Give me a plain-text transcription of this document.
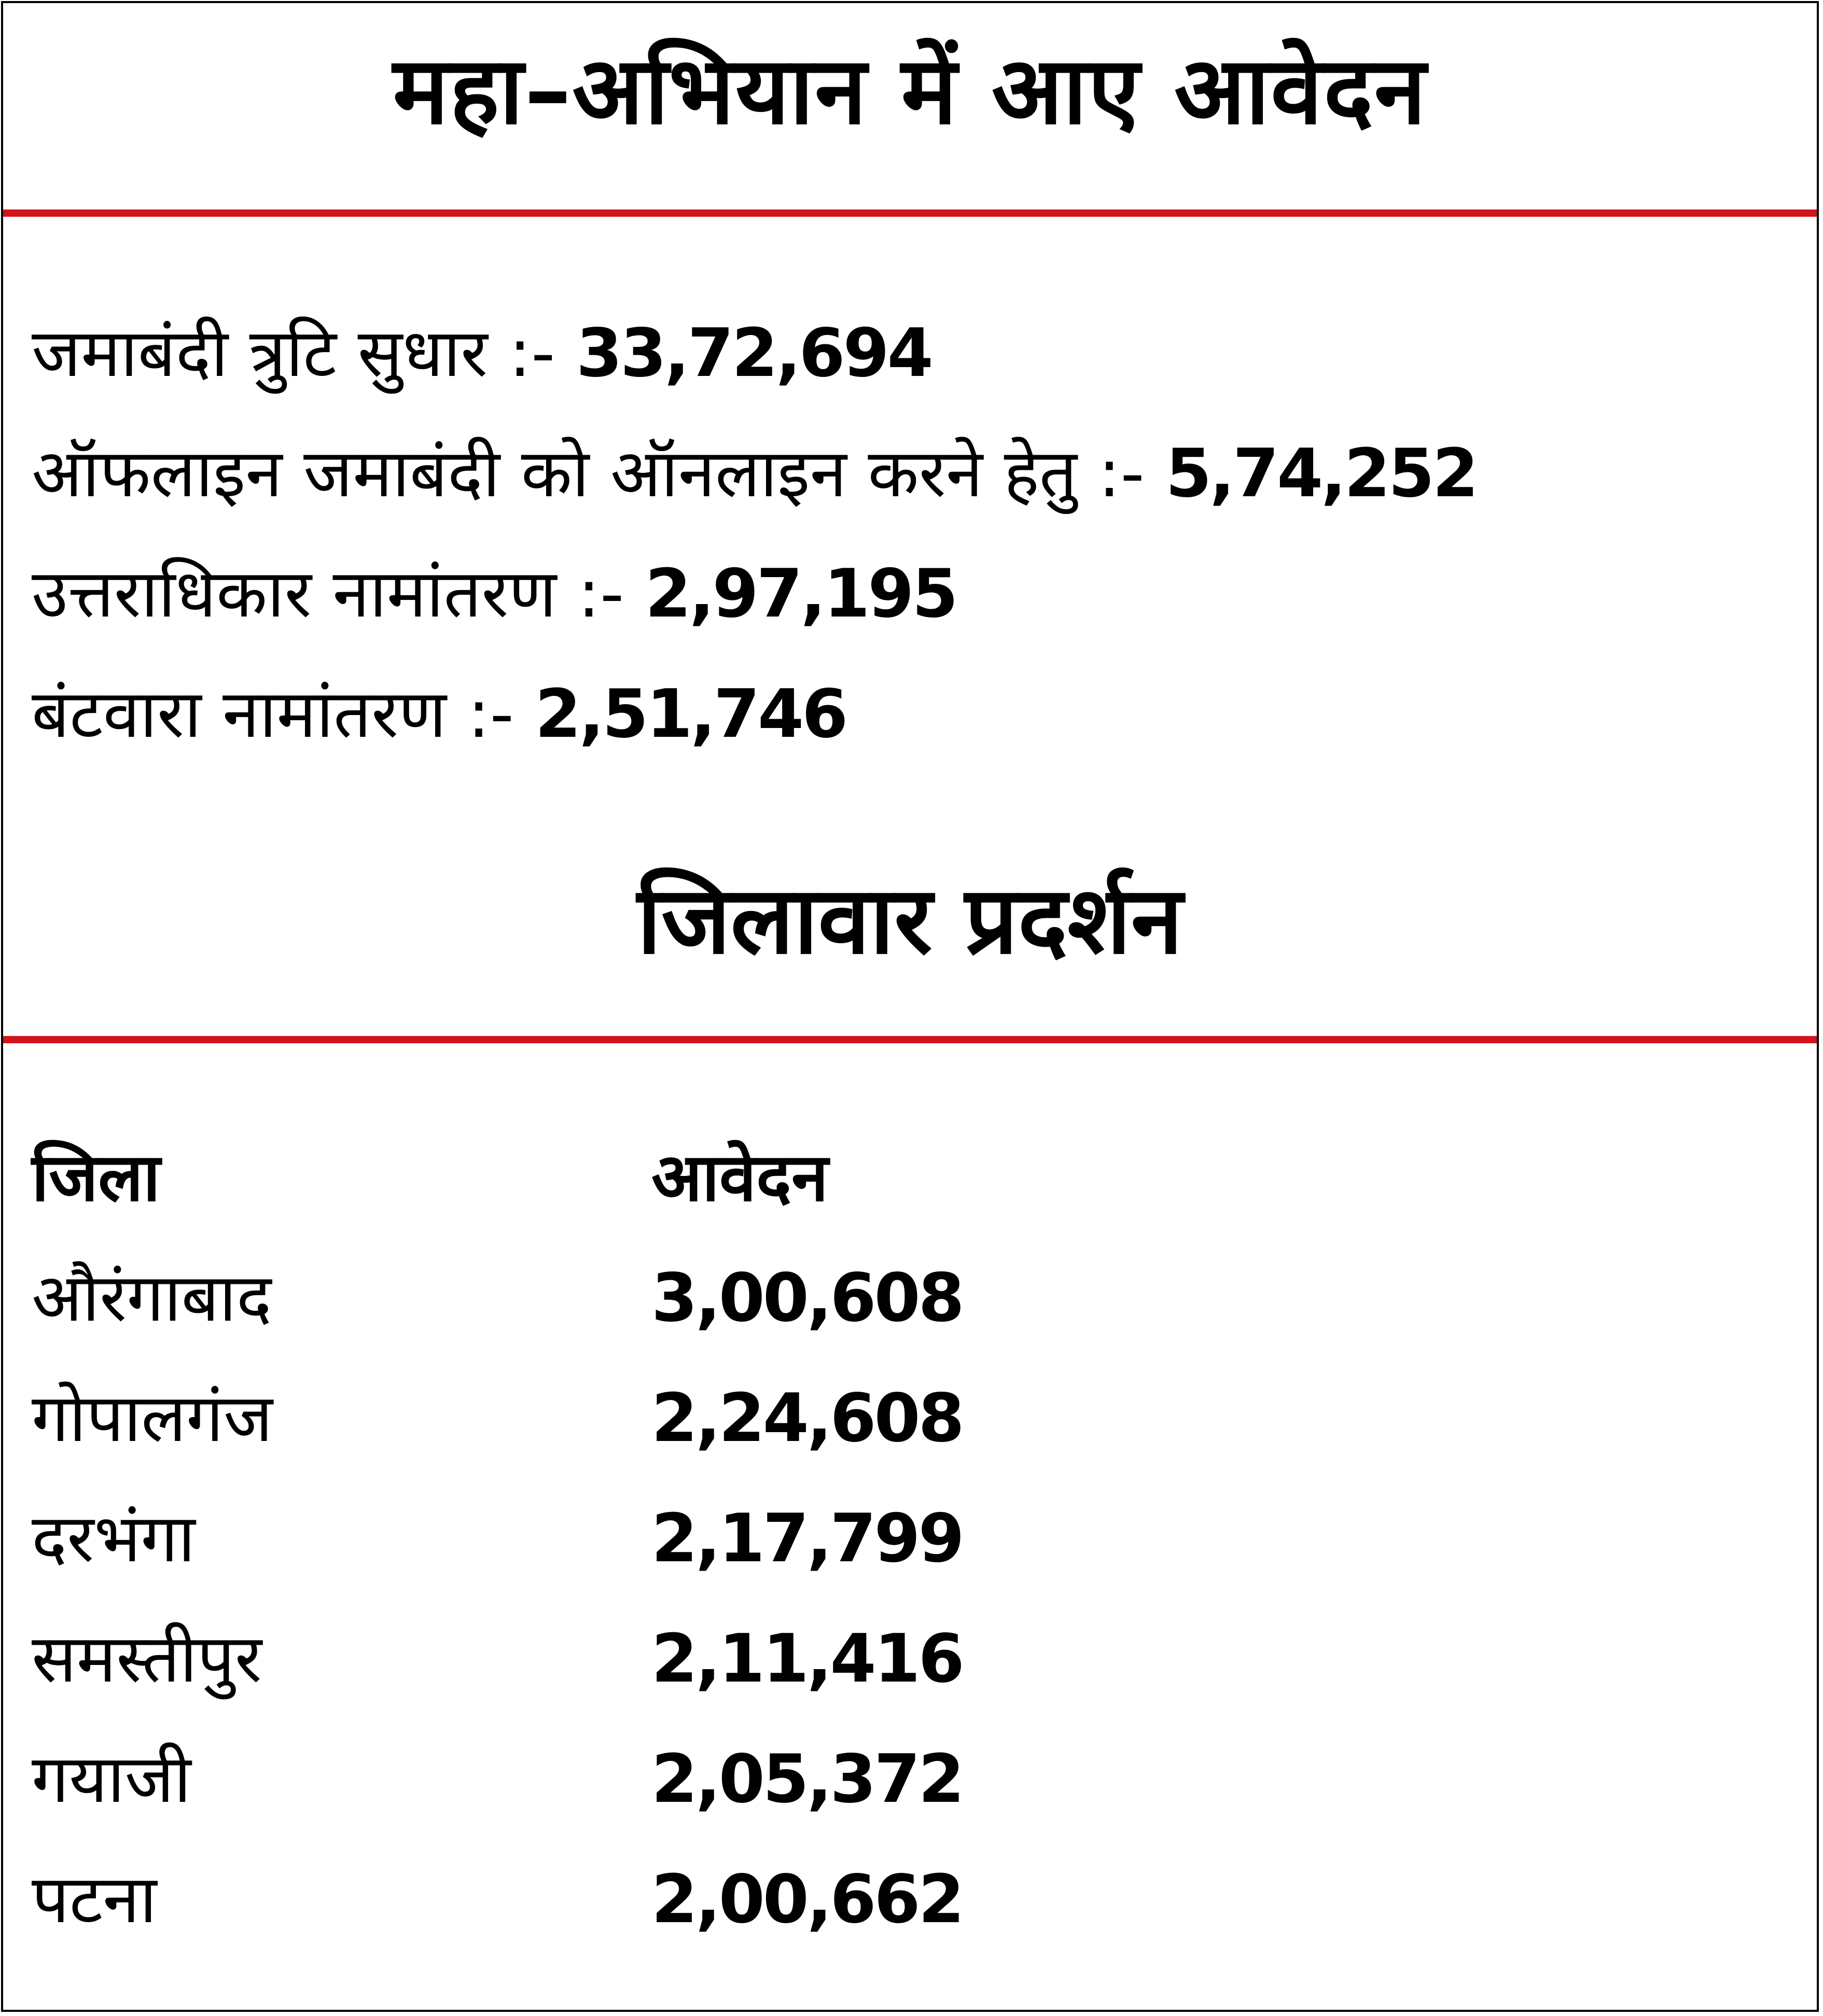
महा–अभियान में आए आवेदन
जमाबंदी त्रुटि सुधार :- 33,72,694
ऑफलाइन जमाबंदी को ऑनलाइन करने हेतु :- 5,74,252
उत्तराधिकार नामांतरण :- 2,97,195
बंटवारा नामांतरण :- 2,51,746
जिलावार प्रदर्शन
जिला	आवेदन
औरंगाबाद	3,00,608
गोपालगंज	2,24,608
दरभंगा	2,17,799
समस्तीपुर	2,11,416
गयाजी	2,05,372
पटना	2,00,662
